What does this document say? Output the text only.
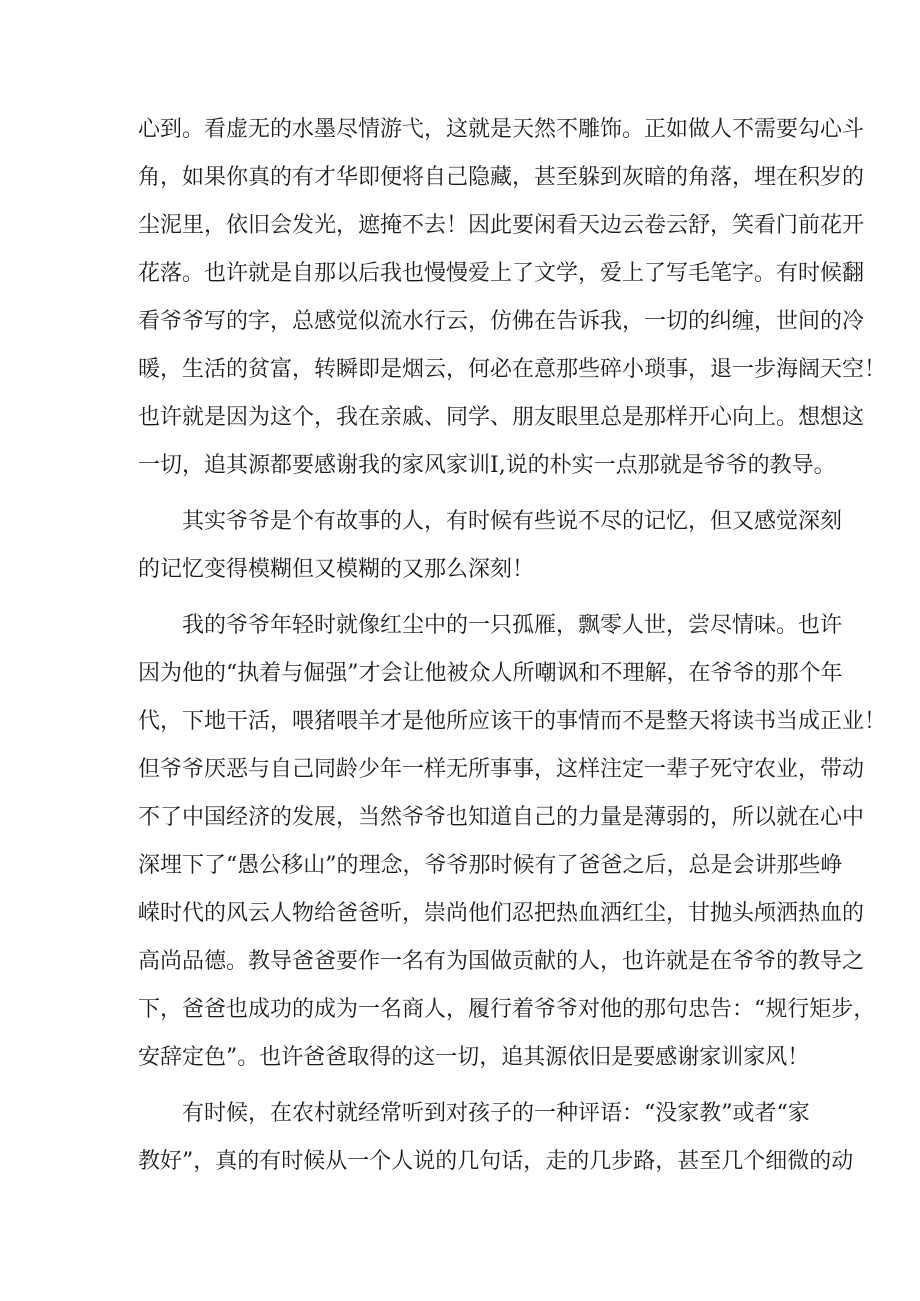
心到。看虚无的水墨尽情游弋，这就是天然不雕饰。正如做人不需要勾心斗
角，如果你真的有才华即便将自己隐藏，甚至躲到灰暗的角落，埋在积岁的
尘泥里，依旧会发光，遮掩不去！因此要闲看天边云卷云舒，笑看门前花开
花落。也许就是自那以后我也慢慢爱上了文学，爱上了写毛笔字。有时候翻
看爷爷写的字，总感觉似流水行云，仿佛在告诉我，一切的纠缠，世间的冷
暖，生活的贫富，转瞬即是烟云，何必在意那些碎小琐事，退一步海阔天空！
也许就是因为这个，我在亲戚、同学、朋友眼里总是那样开心向上。想想这
一切，追其源都要感谢我的家风家训Ⅰ,说的朴实一点那就是爷爷的教导。
其实爷爷是个有故事的人，有时候有些说不尽的记忆，但又感觉深刻
的记忆变得模糊但又模糊的又那么深刻！
我的爷爷年轻时就像红尘中的一只孤雁，飘零人世，尝尽情味。也许
因为他的“执着与倔强”才会让他被众人所嘲讽和不理解，在爷爷的那个年
代，下地干活，喂猪喂羊才是他所应该干的事情而不是整天将读书当成正业！
但爷爷厌恶与自己同龄少年一样无所事事，这样注定一辈子死守农业，带动
不了中国经济的发展，当然爷爷也知道自己的力量是薄弱的，所以就在心中
深埋下了“愚公移山”的理念，爷爷那时候有了爸爸之后，总是会讲那些峥
嵘时代的风云人物给爸爸听，崇尚他们忍把热血洒红尘，甘抛头颅洒热血的
高尚品德。教导爸爸要作一名有为国做贡献的人，也许就是在爷爷的教导之
下，爸爸也成功的成为一名商人，履行着爷爷对他的那句忠告：“规行矩步，
安辞定色”。也许爸爸取得的这一切，追其源依旧是要感谢家训家风！
有时候，在农村就经常听到对孩子的一种评语：“没家教”或者“家
教好”，真的有时候从一个人说的几句话，走的几步路，甚至几个细微的动
